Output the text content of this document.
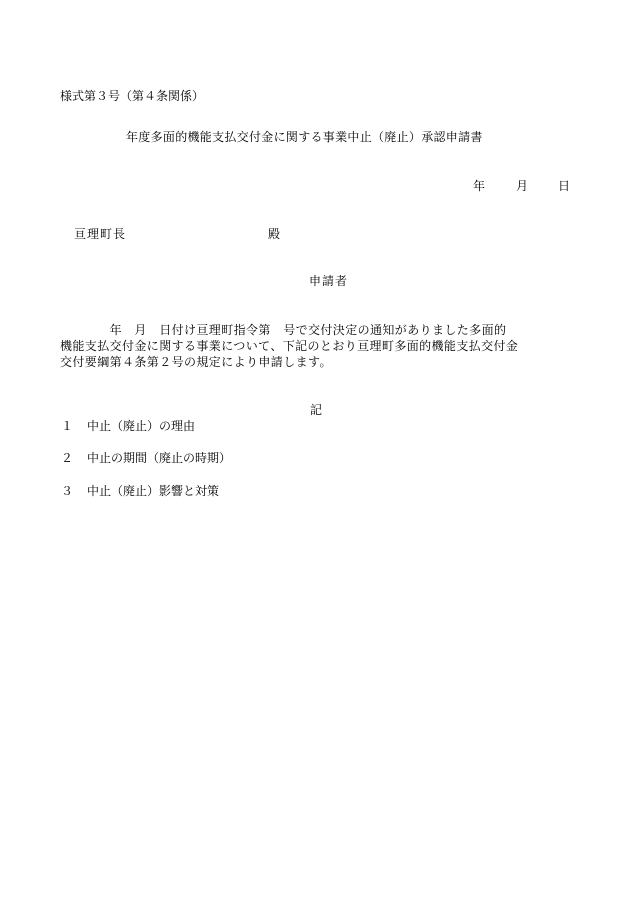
様式第３号（第４条関係）
年度多面的機能支払交付金に関する事業中止（廃止）承認申請書
年	月 日
亘理町長	殿
申請者
　　　　年　月　日付け亘理町指令第　号で交付決定の通知がありました多面的
機能支払交付金に関する事業について、下記のとおり亘理町多面的機能支払交付金
交付要綱第４条第２号の規定により申請します。
記
１ 中止（廃止）の理由
２ 中止の期間（廃止の時期）
３ 中止（廃止）影響と対策
